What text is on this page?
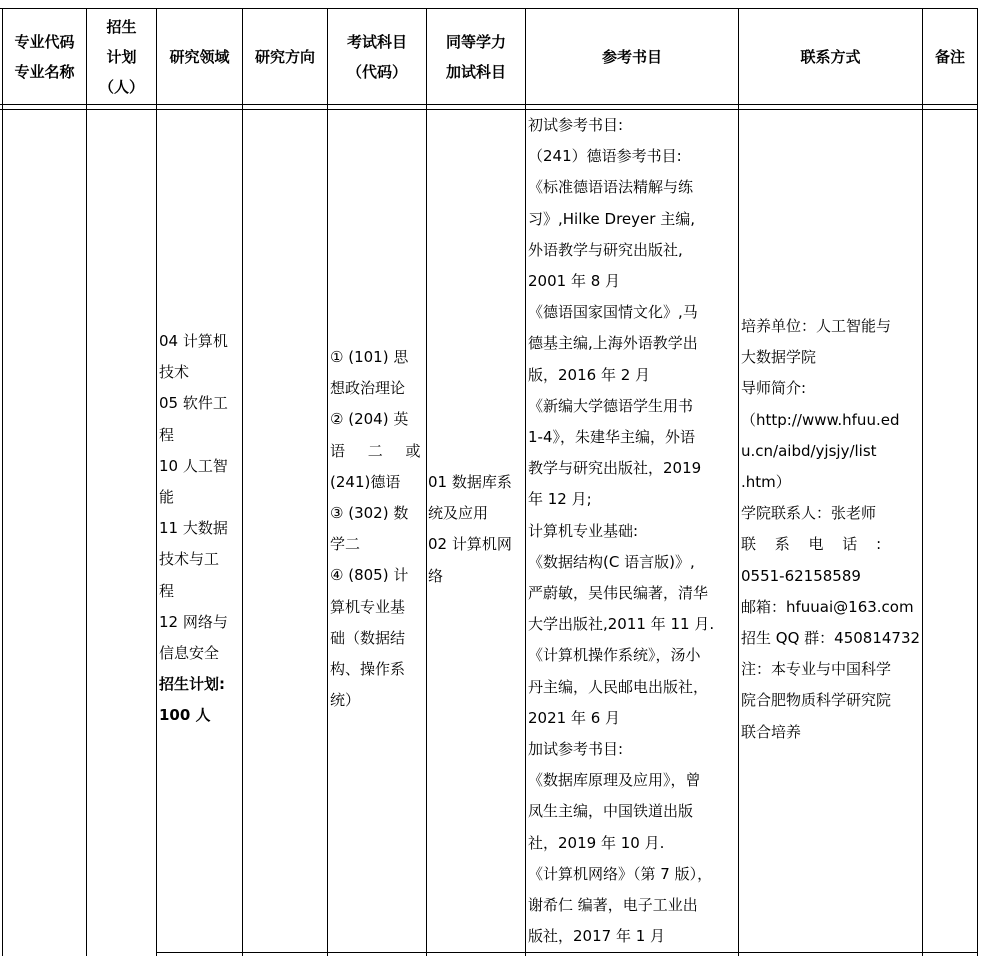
专业代码
专业名称
招生
计划
（人）
研究领域 研究方向
考试科目
（代码）
同等学力
加试科目
参考书目	联系方式	备注
04 计算机
技术
05 软件工
程
10 人工智
能
11 大数据
技术与工
程
12 网络与
信息安全
招生计划:
100 人
① (101) 思
想政治理论
② (204) 英
语 二 或
(241)德语
③ (302) 数
学二
④ (805) 计
算机专业基
础（数据结
构、操作系
统）
01 数据库系
统及应用
02 计算机网
络
初试参考书目:
（241）德语参考书目:
《标准德语语法精解与练
习》,Hilke Dreyer 主编,
外语教学与研究出版社,
2001 年 8 月
《德语国家国情文化》,马
德基主编,上海外语教学出
版，2016 年 2 月
《新编大学德语学生用书
1-4》，朱建华主编，外语
教学与研究出版社，2019
年 12 月;
计算机专业基础:
《数据结构(C 语言版)》,
严蔚敏，吴伟民编著，清华
大学出版社,2011 年 11 月.
《计算机操作系统》，汤小
丹主编，人民邮电出版社，
2021 年 6 月
加试参考书目:
《数据库原理及应用》，曾
凤生主编，中国铁道出版
社，2019 年 10 月.
《计算机网络》（第 7 版），
谢希仁 编著，电子工业出
版社，2017 年 1 月
培养单位：人工智能与
大数据学院
导师简介:
（http://www.hfuu.ed
u.cn/aibd/yjsjy/list
.htm）
学院联系人：张老师
联 系 电 话 :
0551-62158589
邮箱：hfuuai@163.com
招生 QQ 群：450814732
注：本专业与中国科学
院合肥物质科学研究院
联合培养
